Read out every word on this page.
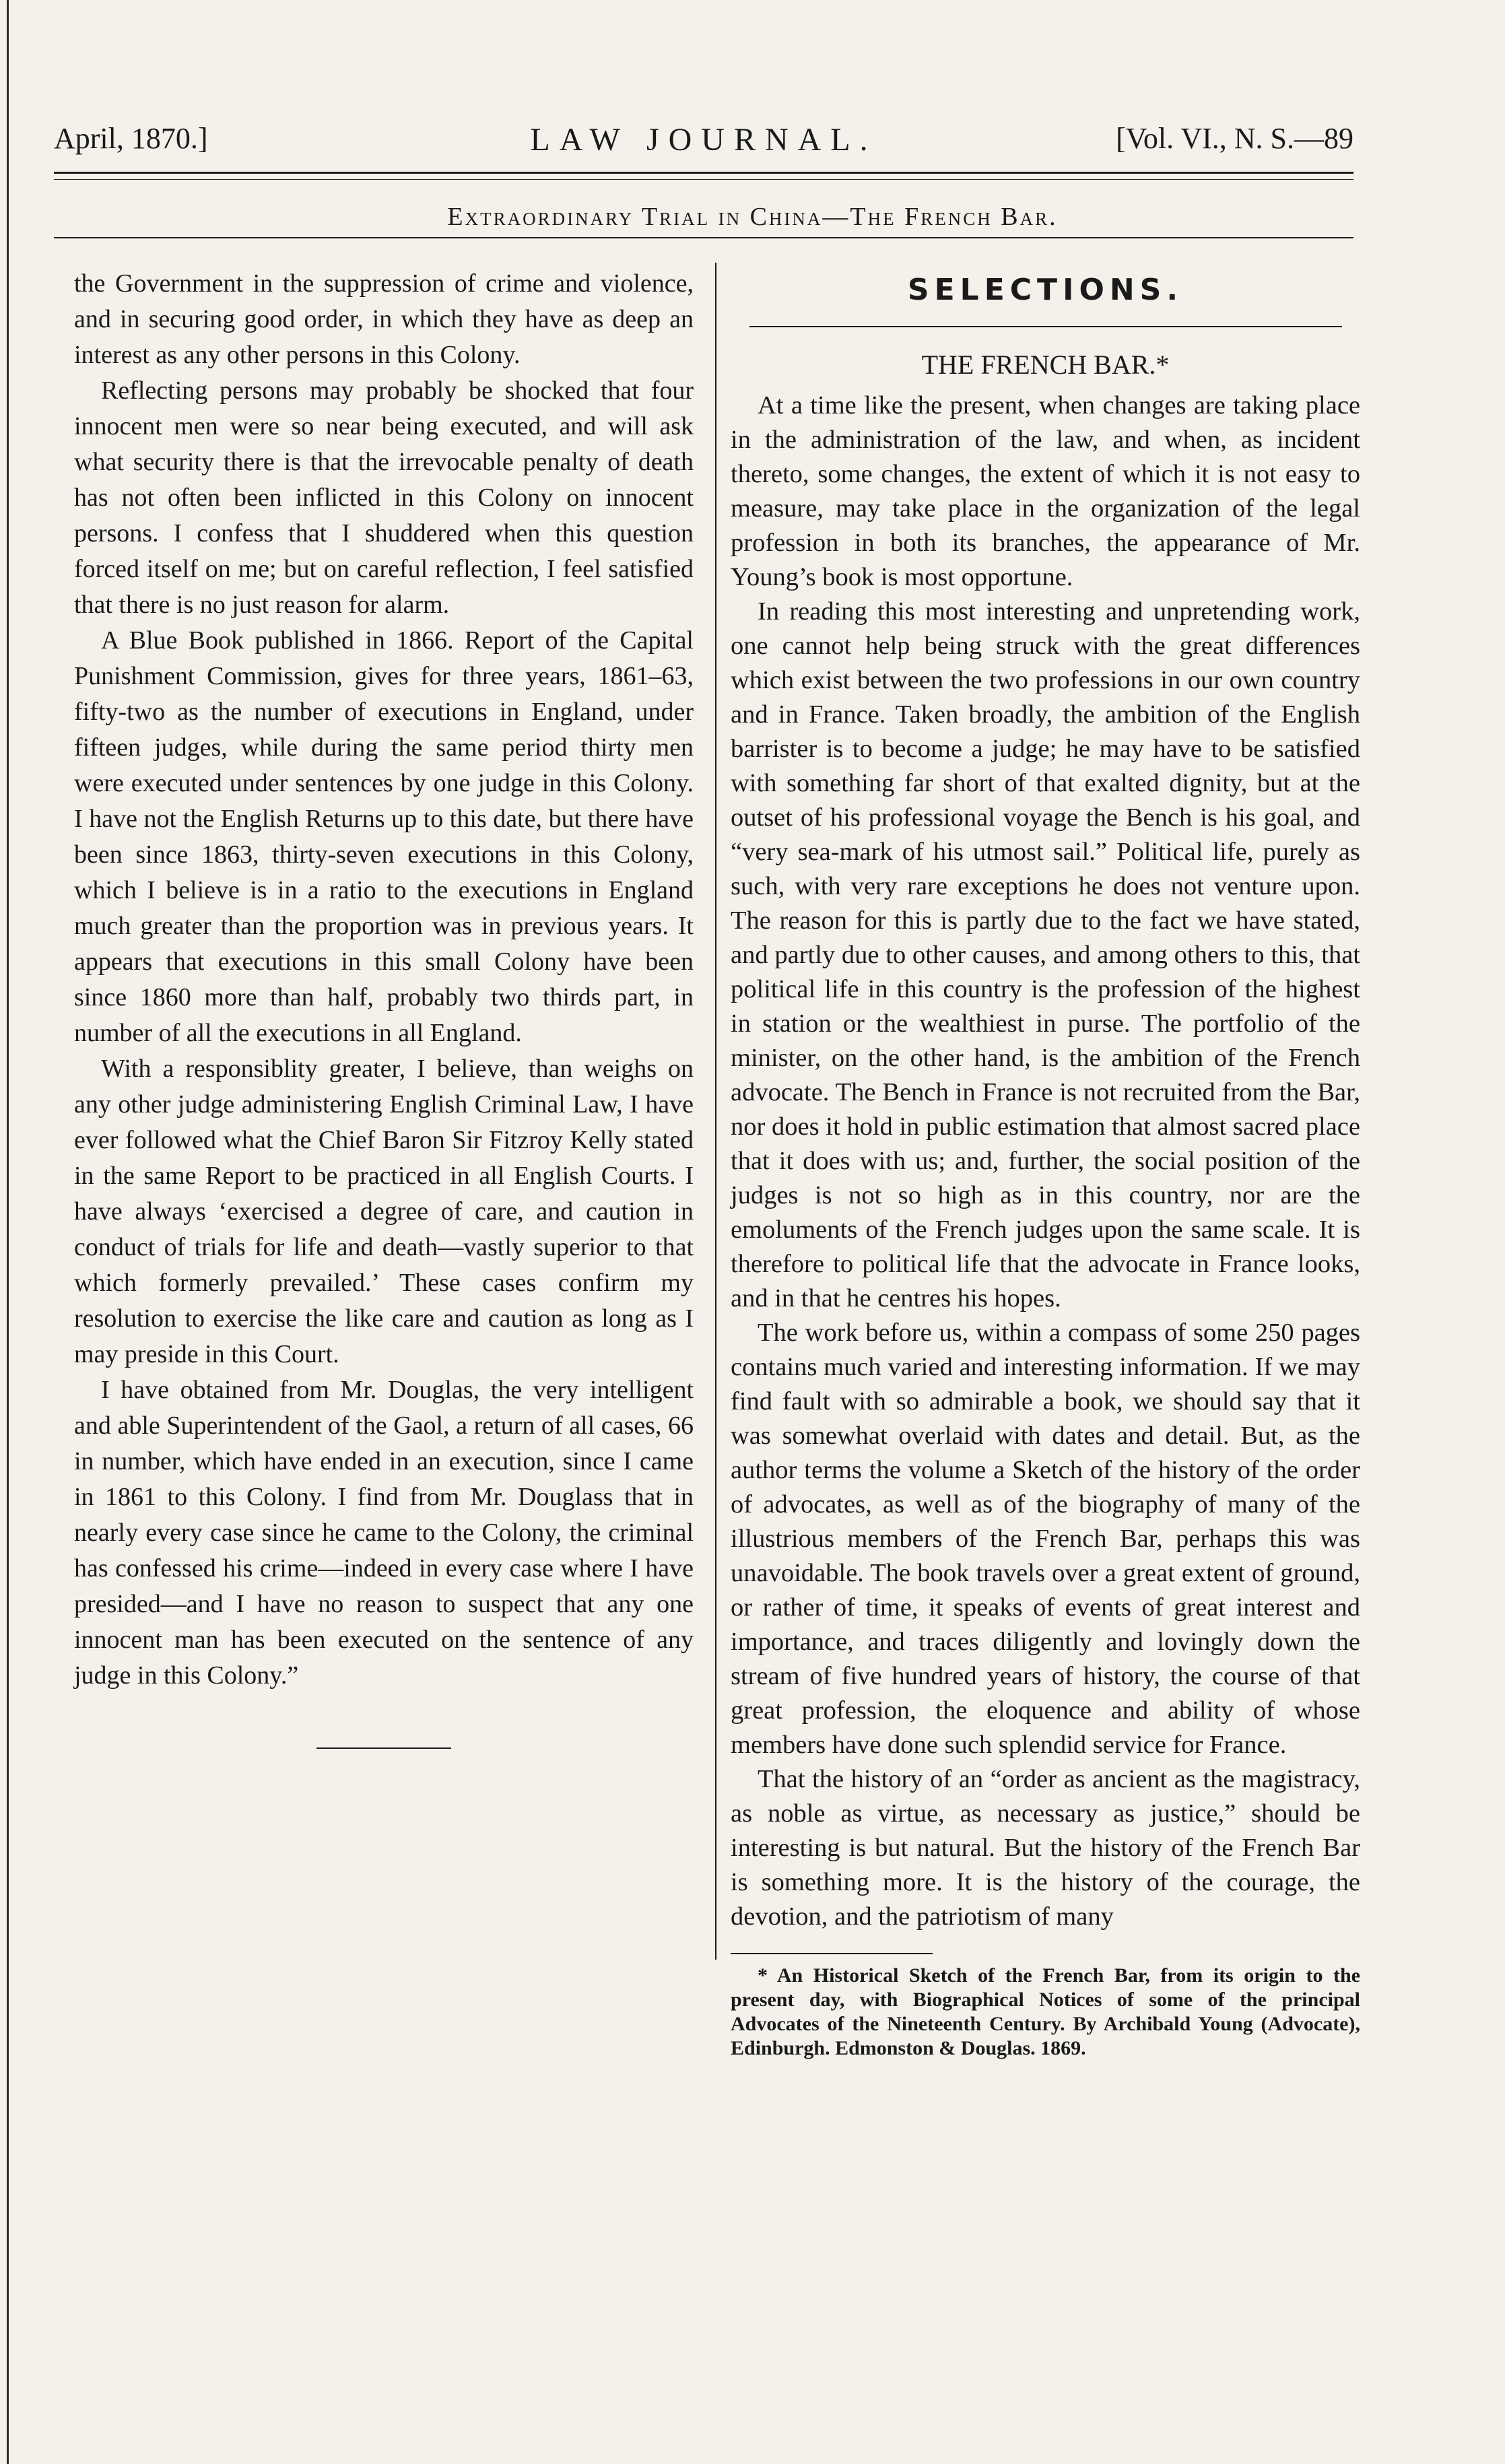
April, 1870.]	LAW JOURNAL.	[Vol. VI., N. S.—89
Extraordinary Trial in China—The French Bar.

the Government in the suppression of crime and violence, and in securing good order, in which they have as deep an interest as any other persons in this Colony.

Reflecting persons may probably be shocked that four innocent men were so near being executed, and will ask what security there is that the irrevocable penalty of death has not often been inflicted in this Colony on innocent persons. I confess that I shuddered when this question forced itself on me; but on careful reflection, I feel satisfied that there is no just reason for alarm.

A Blue Book published in 1866. Report of the Capital Punishment Commission, gives for three years, 1861–63, fifty-two as the number of executions in England, under fifteen judges, while during the same period thirty men were executed under sentences by one judge in this Colony. I have not the English Returns up to this date, but there have been since 1863, thirty-seven executions in this Colony, which I believe is in a ratio to the executions in England much greater than the proportion was in previous years. It appears that executions in this small Colony have been since 1860 more than half, probably two thirds part, in number of all the executions in all England.

With a responsiblity greater, I believe, than weighs on any other judge administering English Criminal Law, I have ever followed what the Chief Baron Sir Fitzroy Kelly stated in the same Report to be practiced in all English Courts. I have always ‘exercised a degree of care, and caution in conduct of trials for life and death—vastly superior to that which formerly prevailed.’ These cases confirm my resolution to exercise the like care and caution as long as I may preside in this Court.

I have obtained from Mr. Douglas, the very intelligent and able Superintendent of the Gaol, a return of all cases, 66 in number, which have ended in an execution, since I came in 1861 to this Colony. I find from Mr. Douglass that in nearly every case since he came to the Colony, the criminal has confessed his crime—indeed in every case where I have presided—and I have no reason to suspect that any one innocent man has been executed on the sentence of any judge in this Colony.”

SELECTIONS.
THE FRENCH BAR.*

At a time like the present, when changes are taking place in the administration of the law, and when, as incident thereto, some changes, the extent of which it is not easy to measure, may take place in the organization of the legal profession in both its branches, the appearance of Mr. Young’s book is most opportune.

In reading this most interesting and unpretending work, one cannot help being struck with the great differences which exist between the two professions in our own country and in France. Taken broadly, the ambition of the English barrister is to become a judge; he may have to be satisfied with something far short of that exalted dignity, but at the outset of his professional voyage the Bench is his goal, and “very sea-mark of his utmost sail.” Political life, purely as such, with very rare exceptions he does not venture upon. The reason for this is partly due to the fact we have stated, and partly due to other causes, and among others to this, that political life in this country is the profession of the highest in station or the wealthiest in purse. The portfolio of the minister, on the other hand, is the ambition of the French advocate. The Bench in France is not recruited from the Bar, nor does it hold in public estimation that almost sacred place that it does with us; and, further, the social position of the judges is not so high as in this country, nor are the emoluments of the French judges upon the same scale. It is therefore to political life that the advocate in France looks, and in that he centres his hopes.

The work before us, within a compass of some 250 pages contains much varied and interesting information. If we may find fault with so admirable a book, we should say that it was somewhat overlaid with dates and detail. But, as the author terms the volume a Sketch of the history of the order of advocates, as well as of the biography of many of the illustrious members of the French Bar, perhaps this was unavoidable. The book travels over a great extent of ground, or rather of time, it speaks of events of great interest and importance, and traces diligently and lovingly down the stream of five hundred years of history, the course of that great profession, the eloquence and ability of whose members have done such splendid service for France.

That the history of an “order as ancient as the magistracy, as noble as virtue, as necessary as justice,” should be interesting is but natural. But the history of the French Bar is something more. It is the history of the courage, the devotion, and the patriotism of many

* An Historical Sketch of the French Bar, from its origin to the present day, with Biographical Notices of some of the principal Advocates of the Nineteenth Century. By Archibald Young (Advocate), Edinburgh. Edmonston & Douglas. 1869.
